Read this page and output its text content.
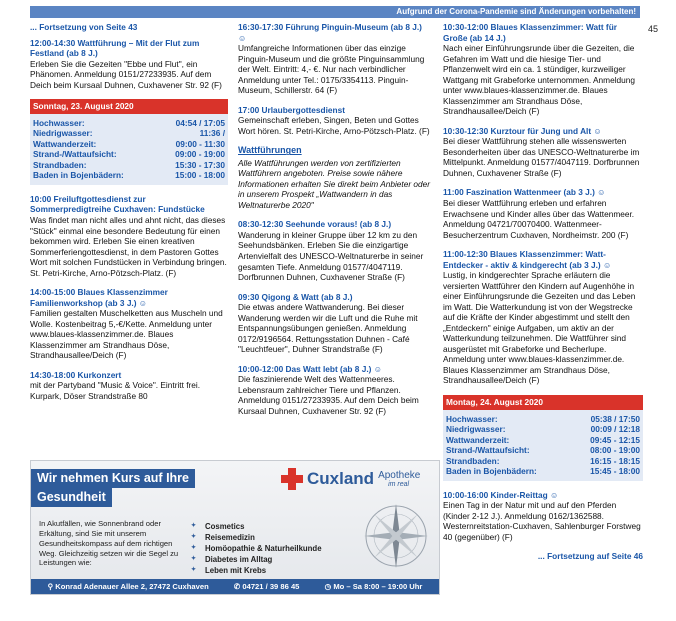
Aufgrund der Corona-Pandemie sind Änderungen vorbehalten!
45

... Fortsetzung von Seite 43

12:00-14:30 Wattführung – Mit der Flut zum Festland (ab 8 J.)

Erleben Sie die Gezeiten "Ebbe und Flut", ein Phänomen. Anmeldung 0151/27233935. Auf dem Deich beim Kursaal Duhnen, Cuxhavener Str. 92 (F)

Sonntag, 23. August 2020
Hochwasser:	04:54 / 17:05
Niedrigwasser:	11:36 /
Wattwanderzeit:	09:00 - 11:30
Strand-/Wattaufsicht:	09:00 - 19:00
Strandbaden:	15:30 - 17:30
Baden in Bojenbädern:	15:00 - 18:00

10:00 Freiluftgottesdienst zur Sommerpredigtreihe Cuxhaven: Fundstücke

Was findet man nicht alles und ahnt nicht, das dieses "Stück" einmal eine besondere Bedeutung für einen bekommen wird. Erleben Sie einen kreativen Sommerferiengottesdienst, in dem Pastoren Gottes Wort mit solchen Fundstücken in Verbindung bringen. St. Petri-Kirche, Arno-Pötzsch-Platz. (F)

14:00-15:00 Blaues Klassenzimmer Familienworkshop (ab 3 J.) ☺

Familien gestalten Muschelketten aus Muscheln und Wolle. Kostenbeitrag 5,-€/Kette. Anmeldung unter www.blaues-klassenzimmer.de. Blaues Klassenzimmer am Strandhaus Döse, Strandhausallee/Deich (F)

14:30-18:00 Kurkonzert

mit der Partyband "Music & Voice". Eintritt frei. Kurpark, Döser Strandstraße 80

16:30-17:30 Führung Pinguin-Museum (ab 8 J.) ☺

Umfangreiche Informationen über das einzige Pinguin-Museum und die größte Pinguinsammlung der Welt. Eintritt: 4,- €. Nur nach verbindlicher Anmeldung unter Tel.: 0175/3354113. Pinguin-Museum, Schillerstr. 64 (F)

17:00 Urlaubergottesdienst

Gemeinschaft erleben, Singen, Beten und Gottes Wort hören. St. Petri-Kirche, Arno-Pötzsch-Platz. (F)

Wattführungen

Alle Wattführungen werden von zertifizierten Wattführern angeboten. Preise sowie nähere Informationen erhalten Sie direkt beim Anbieter oder in unserem Prospekt „Wattwandern in das Weltnaturerbe 2020"

08:30-12:30 Seehunde voraus! (ab 8 J.)

Wanderung in kleiner Gruppe über 12 km zu den Seehundsbänken. Erleben Sie die einzigartige Artenvielfalt des UNESCO-Weltnaturerbe in seiner gesamten Tiefe. Anmeldung 01577/4047119. Dorfbrunnen Duhnen, Cuxhavener Straße (F)

09:30 Qigong & Watt (ab 8 J.)

Die etwas andere Wattwanderung. Bei dieser Wanderung werden wir die Luft und die Ruhe mit Entspannungsübungen genießen. Anmeldung 0172/9196564. Rettungsstation Duhnen - Café "Leuchtfeuer", Duhner Strandstraße (F)

10:00-12:00 Das Watt lebt (ab 8 J.) ☺

Die faszinierende Welt des Wattenmeeres. Lebensraum zahlreicher Tiere und Pflanzen. Anmeldung 0151/27233935. Auf dem Deich beim Kursaal Duhnen, Cuxhavener Str. 92 (F)

10:30-12:00 Blaues Klassenzimmer: Watt für Große (ab 14 J.)

Nach einer Einführungsrunde über die Gezeiten, die Gefahren im Watt und die hiesige Tier- und Pflanzenwelt wird ein ca. 1 stündiger, kurzweiliger Wattgang mit Grabeforke unternommen. Anmeldung unter www.blaues-klassenzimmer.de. Blaues Klassenzimmer am Strandhaus Döse, Strandhausallee/Deich (F)

10:30-12:30 Kurztour für Jung und Alt ☺

Bei dieser Wattführung stehen alle wissenswerten Besonderheiten über das UNESCO-Weltnaturerbe im Mittelpunkt. Anmeldung 01577/4047119. Dorfbrunnen Duhnen, Cuxhavener Straße (F)

11:00 Faszination Wattenmeer (ab 3 J.) ☺

Bei dieser Wattführung erleben und erfahren Erwachsene und Kinder alles über das Wattenmeer. Anmeldung 04721/70070400. Wattenmeer-Besucherzentrum Cuxhaven, Nordheimstr. 200 (F)

11:00-12:30 Blaues Klassenzimmer: Watt-Entdecker - aktiv & kindgerecht (ab 3 J.) ☺

Lustig, in kindgerechter Sprache erläutern die versierten Wattführer den Kindern auf Augenhöhe in einer Einführungsrunde die Gezeiten und das Leben im Watt. Die Watterkundung ist von der Wegstrecke auf die Kräfte der Kinder abgestimmt und stellt den „Entdeckern" einige Aufgaben, um aktiv an der Watterkundung teilzunehmen. Die Wattführer sind ausgerüstet mit Grabeforke und Becherlupe. Anmeldung unter www.blaues-klassenzimmer.de. Blaues Klassenzimmer am Strandhaus Döse, Strandhausallee/Deich (F)

Montag, 24. August 2020
Hochwasser:	05:38 / 17:50
Niedrigwasser:	00:09 / 12:18
Wattwanderzeit:	09:45 - 12:15
Strand-/Wattaufsicht:	08:00 - 19:00
Strandbaden:	16:15 - 18:15
Baden in Bojenbädern:	15:45 - 18:00

10:00-16:00 Kinder-Reittag ☺

Einen Tag in der Natur mit und auf den Pferden (Kinder 2-12 J.). Anmeldung 0162/1362588. Westernreitstation-Cuxhaven, Sahlenburger Forstweg 40 (gegenüber) (F)

... Fortsetzung auf Seite 46

Wir nehmen Kurs auf Ihre
Gesundheit
Cuxland Apotheke
im real

In Akutfällen, wie Sonnenbrand oder Erkältung, sind Sie mit unserem Gesundheitskompass auf dem richtigen Weg. Gleichzeitig setzen wir die Segel zu Leistungen wie:

✦	Cosmetics
✦	Reisemedizin
✦	Homöopathie & Naturheilkunde
✦	Diabetes im Alltag
✦	Leben mit Krebs
⚲ Konrad Adenauer Allee 2, 27472 Cuxhaven	✆ 04721 / 39 86 45	◷ Mo – Sa 8:00 – 19:00 Uhr
